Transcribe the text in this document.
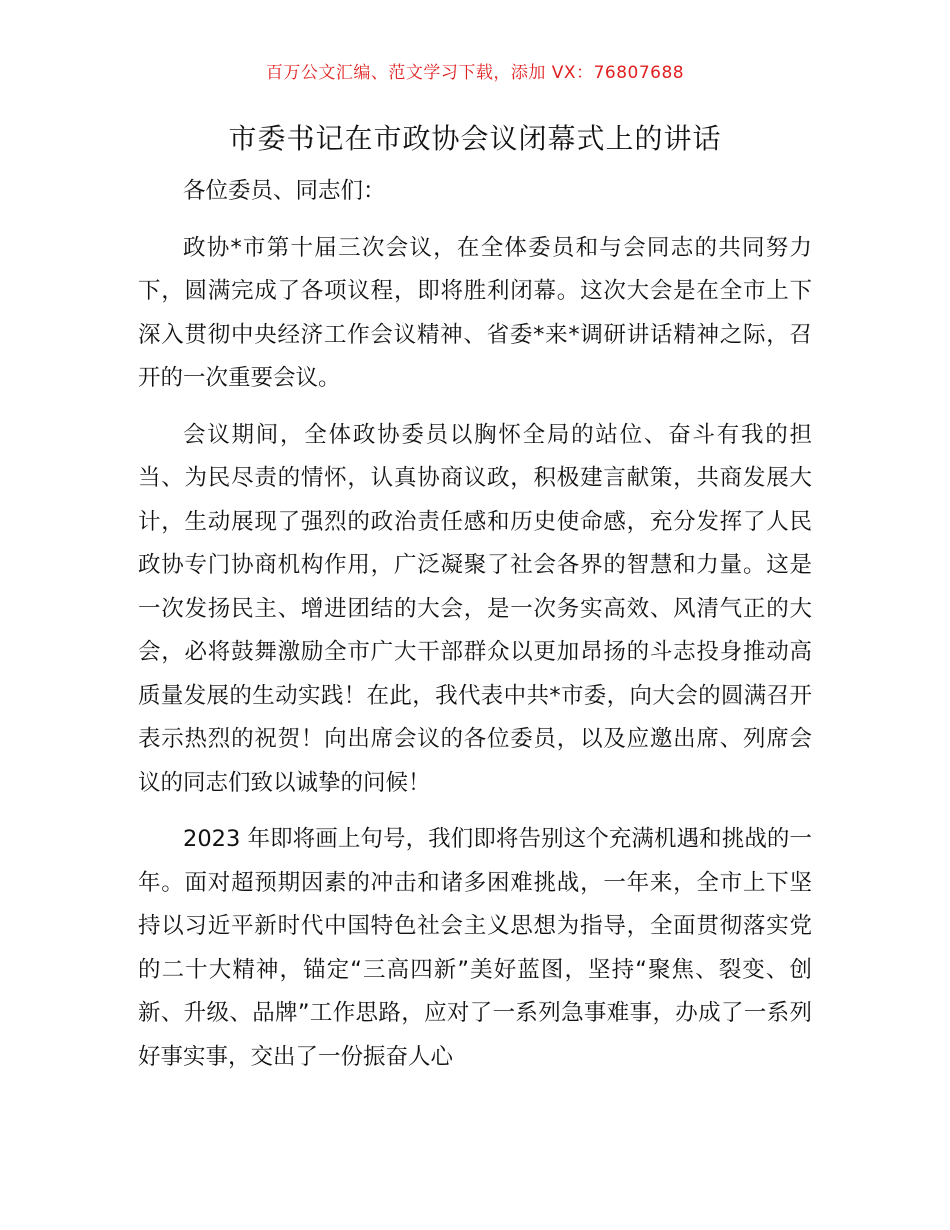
百万公文汇编、范文学习下载，添加 VX：76807688
市委书记在市政协会议闭幕式上的讲话

各位委员、同志们：

政协*市第十届三次会议，在全体委员和与会同志的共同努力下，圆满完成了各项议程，即将胜利闭幕。这次大会是在全市上下深入贯彻中央经济工作会议精神、省委*来*调研讲话精神之际，召开的一次重要会议。

会议期间，全体政协委员以胸怀全局的站位、奋斗有我的担当、为民尽责的情怀，认真协商议政，积极建言献策，共商发展大计，生动展现了强烈的政治责任感和历史使命感，充分发挥了人民政协专门协商机构作用，广泛凝聚了社会各界的智慧和力量。这是一次发扬民主、增进团结的大会，是一次务实高效、风清气正的大会，必将鼓舞激励全市广大干部群众以更加昂扬的斗志投身推动高质量发展的生动实践！在此，我代表中共*市委，向大会的圆满召开表示热烈的祝贺！向出席会议的各位委员，以及应邀出席、列席会议的同志们致以诚挚的问候！

2023 年即将画上句号，我们即将告别这个充满机遇和挑战的一年。面对超预期因素的冲击和诸多困难挑战，一年来，全市上下坚持以习近平新时代中国特色社会主义思想为指导，全面贯彻落实党的二十大精神，锚定“三高四新”美好蓝图，坚持“聚焦、裂变、创新、升级、品牌”工作思路，应对了一系列急事难事，办成了一系列好事实事，交出了一份振奋人心
